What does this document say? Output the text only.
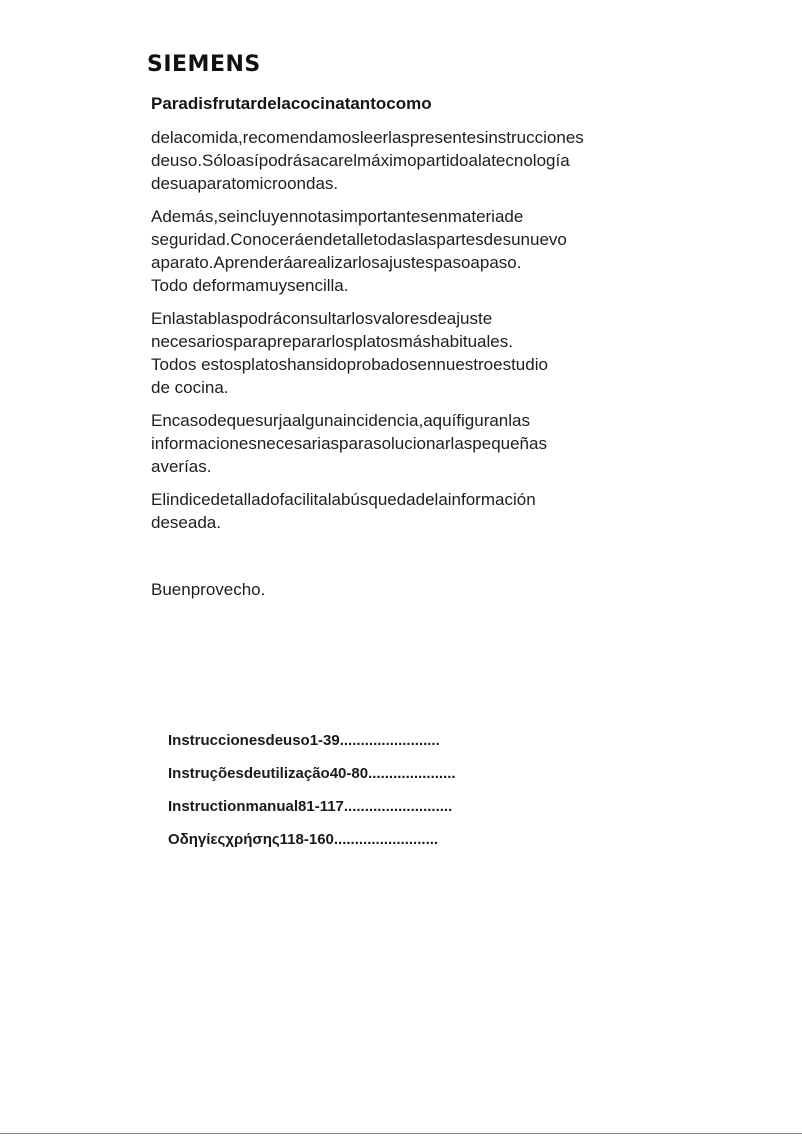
SIEMENS
Paradisfrutardelacocinatantocomo
delacomida,recomendamosleerlaspresentesinstrucciones
deuso.Sóloasípodrásacarelmáximopartidoalatecnología
desuaparatomicroondas.
Además,seincluyennotasimportantesenmateriade
seguridad.Conoceráendetalletodaslaspartesdesunuevo
aparato.Aprenderáarealizarlosajustespasoapaso.
Todo deformamuysencilla.
Enlastablaspodráconsultarlosvaloresdeajuste
necesariosparaprepararlosplatosmáshabituales.
Todos estosplatoshansidoprobadosennuestroestudio
de cocina.
Encasodequesurjaalgunaincidencia,aquífiguranlas
informacionesnecesariasparasolucionarlaspequeñas
averías.
Elindicedetalladofacilitalabúsquedadelainformación
deseada.
Buenprovecho.
Instruccionesdeuso1-39........................
Instruçõesdeutilização40-80.....................
Instructionmanual81-117..........................
Οδηγίεςχρήσης118-160.........................
